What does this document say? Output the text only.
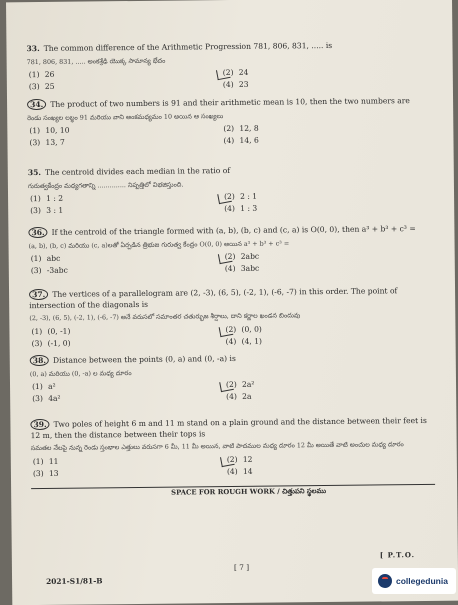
33. The common difference of the Arithmetic Progression 781, 806, 831, ..... is
781, 806, 831, ..... అంకశ్రేఢి యొక్క సామాన్య భేదం
(1) 26	(2) 24
(3) 25	(4) 23
34. The product of two numbers is 91 and their arithmetic mean is 10, then the two numbers are
రెండు సంఖ్యల లబ్ధం 91 మరియు వాని అంకమధ్యమం 10 అయిన ఆ సంఖ్యలు
(1) 10, 10	(2) 12, 8
(3) 13, 7	(4) 14, 6
35. The centroid divides each median in the ratio of
గురుత్వకేంద్రం మధ్యగతాన్ని .............. నిష్పత్తిలో విభజిస్తుంది.
(1) 1 : 2	(2) 2 : 1
(3) 3 : 1	(4) 1 : 3
36. If the centroid of the triangle formed with (a, b), (b, c) and (c, a) is O(0, 0), then a³ + b³ + c³ =
(a, b), (b, c) మరియు (c, a)లతో ఏర్పడిన త్రిభుజ గురుత్వ కేంద్రం O(0, 0) అయిన a³ + b³ + c³ =
(1) abc	(2) 2abc
(3) -3abc	(4) 3abc
37. The vertices of a parallelogram are (2, -3), (6, 5), (-2, 1), (-6, -7) in this order. The point of intersection of the diagonals is
(2, -3), (6, 5), (-2, 1), (-6, -7) అనే వరుసలో సమాంతర చతుర్భుజ శీర్షాలు, దాని కర్ణాల ఖండన బిందువు
(1) (0, -1)	(2) (0, 0)
(3) (-1, 0)	(4) (4, 1)
38. Distance between the points (0, a) and (0, -a) is
(0, a) మరియు (0, -a) ల మధ్య దూరం
(1) a²	(2) 2a²
(3) 4a²	(4) 2a
39. Two poles of height 6 m and 11 m stand on a plain ground and the distance between their feet is 12 m, then the distance between their tops is
సమతల నేలపై నున్న రెండు స్తంభాల ఎత్తులు వరుసగా 6 మీ, 11 మీ అయిన, వాటి పాదముల మధ్య దూరం 12 మీ అయితే వాటి అంచుల మధ్య దూరం
(1) 11	(2) 12
(3) 13	(4) 14
SPACE FOR ROUGH WORK / చిత్తుపని స్థలము
[ P.T.O.
[ 7 ]
2021-S1/81-B	collegedunia
